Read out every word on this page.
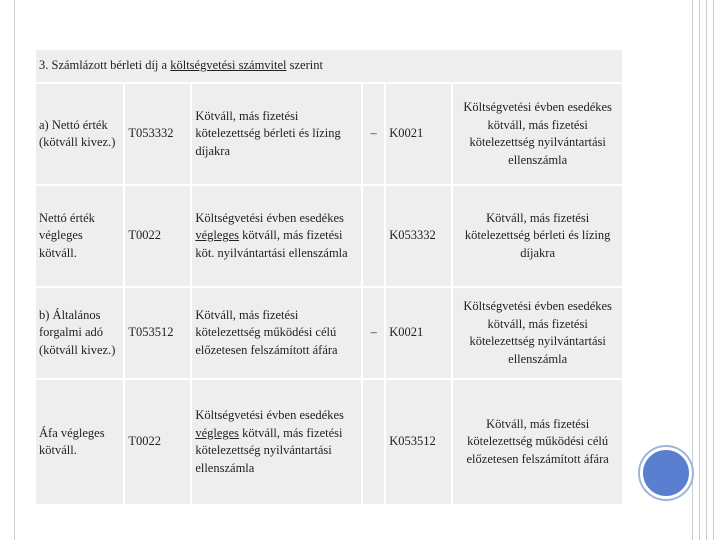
3. Számlázott bérleti díj a költségvetési számvitel szerint					
a) Nettó érték (kötváll kivez.)	T053332	Kötváll, más fizetési kötelezettség bérleti és lízing díjakra	–	K0021	Költségvetési évben esedékes kötváll, más fizetési kötelezettség nyilvántartási ellenszámla
Nettó érték végleges kötváll.	T0022	Költségvetési évben esedékes végleges kötváll, más fizetési köt. nyilvántartási ellenszámla		K053332	Kötváll, más fizetési kötelezettség bérleti és lízing díjakra
b) Általános forgalmi adó (kötváll kivez.)	T053512	Kötváll, más fizetési kötelezettség működési célú előzetesen felszámított áfára	–	K0021	Költségvetési évben esedékes kötváll, más fizetési kötelezettség nyilvántartási ellenszámla
Áfa végleges kötváll.	T0022	Költségvetési évben esedékes végleges kötváll, más fizetési kötelezettség nyilvántartási ellenszámla		K053512	Kötváll, más fizetési kötelezettség működési célú előzetesen felszámított áfára
